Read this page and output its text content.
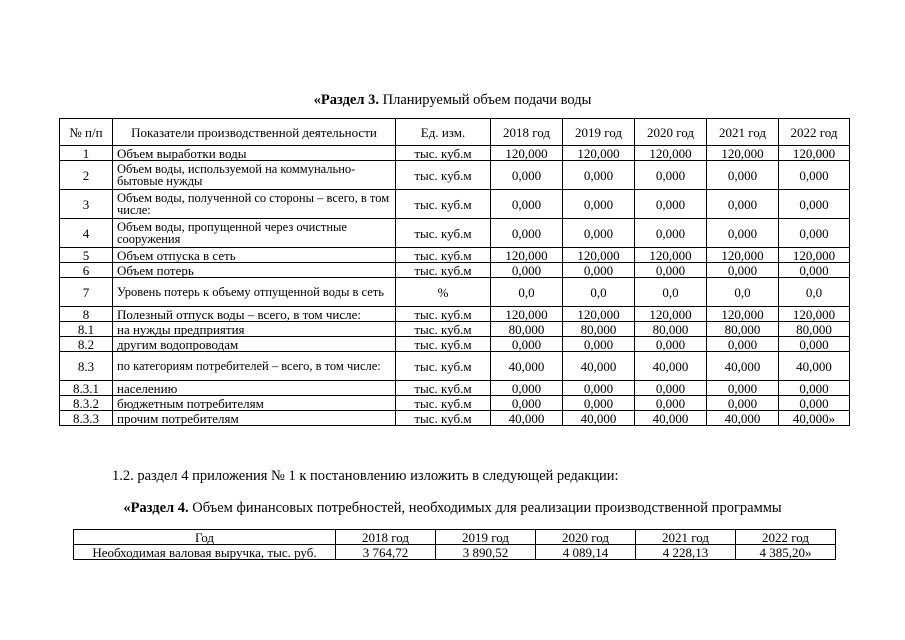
«Раздел 3. Планируемый объем подачи воды
№ п/п	Показатели производственной деятельности	Ед. изм.	2018 год	2019 год	2020 год	2021 год	2022 год
1	Объем выработки воды	тыс. куб.м	120,000	120,000	120,000	120,000	120,000
2	Объем воды, используемой на коммунально-бытовые нужды	тыс. куб.м	0,000	0,000	0,000	0,000	0,000
3	Объем воды, полученной со стороны – всего, в том числе:	тыс. куб.м	0,000	0,000	0,000	0,000	0,000
4	Объем воды, пропущенной через очистные сооружения	тыс. куб.м	0,000	0,000	0,000	0,000	0,000
5	Объем отпуска в сеть	тыс. куб.м	120,000	120,000	120,000	120,000	120,000
6	Объем потерь	тыс. куб.м	0,000	0,000	0,000	0,000	0,000
7	Уровень потерь к объему отпущенной воды в сеть	%	0,0	0,0	0,0	0,0	0,0
8	Полезный отпуск воды – всего, в том числе:	тыс. куб.м	120,000	120,000	120,000	120,000	120,000
8.1	на нужды предприятия	тыс. куб.м	80,000	80,000	80,000	80,000	80,000
8.2	другим водопроводам	тыс. куб.м	0,000	0,000	0,000	0,000	0,000
8.3	по категориям потребителей – всего, в том числе:	тыс. куб.м	40,000	40,000	40,000	40,000	40,000
8.3.1	населению	тыс. куб.м	0,000	0,000	0,000	0,000	0,000
8.3.2	бюджетным потребителям	тыс. куб.м	0,000	0,000	0,000	0,000	0,000
8.3.3	прочим потребителям	тыс. куб.м	40,000	40,000	40,000	40,000	40,000»
1.2. раздел 4 приложения № 1 к постановлению изложить в следующей редакции:
«Раздел 4. Объем финансовых потребностей, необходимых для реализации производственной программы
Год	2018 год	2019 год	2020 год	2021 год	2022 год
Необходимая валовая выручка, тыс. руб.	3 764,72	3 890,52	4 089,14	4 228,13	4 385,20»
